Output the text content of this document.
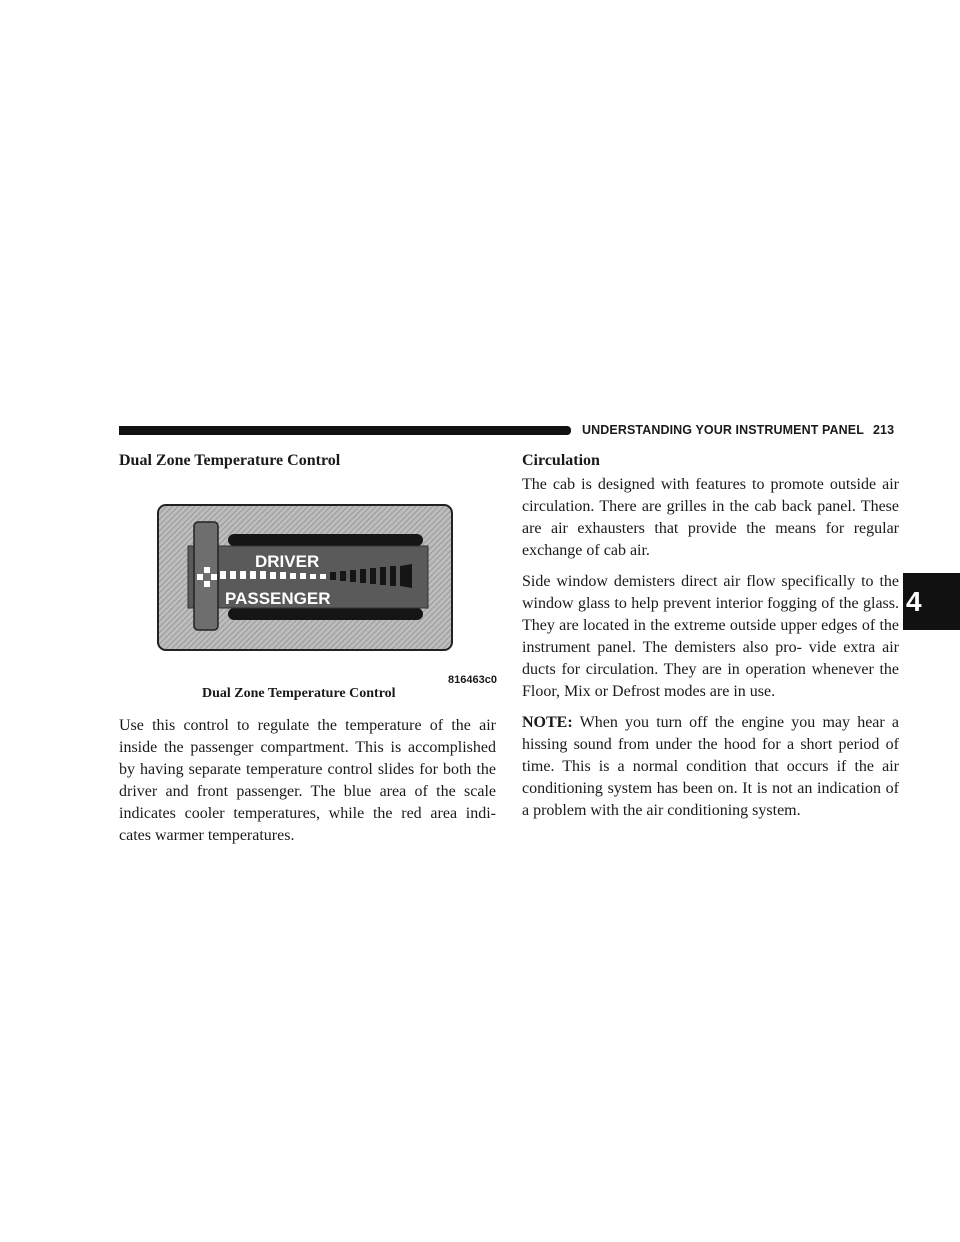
UNDERSTANDING YOUR INSTRUMENT PANEL 213
4
Dual Zone Temperature Control
DRIVER
PASSENGER
816463c0
Dual Zone Temperature Control

Use this control to regulate the temperature of the air inside the passenger compartment. This is accomplished by having separate temperature control slides for both the driver and front passenger. The blue area of the scale indicates cooler temperatures, while the red area indi- cates warmer temperatures.

Circulation

The cab is designed with features to promote outside air circulation. There are grilles in the cab back panel. These are air exhausters that provide the means for regular exchange of cab air.

Side window demisters direct air flow specifically to the window glass to help prevent interior fogging of the glass. They are located in the extreme outside upper edges of the instrument panel. The demisters also pro- vide extra air ducts for circulation. They are in operation whenever the Floor, Mix or Defrost modes are in use.

NOTE: When you turn off the engine you may hear a hissing sound from under the hood for a short period of time. This is a normal condition that occurs if the air conditioning system has been on. It is not an indication of a problem with the air conditioning system.
